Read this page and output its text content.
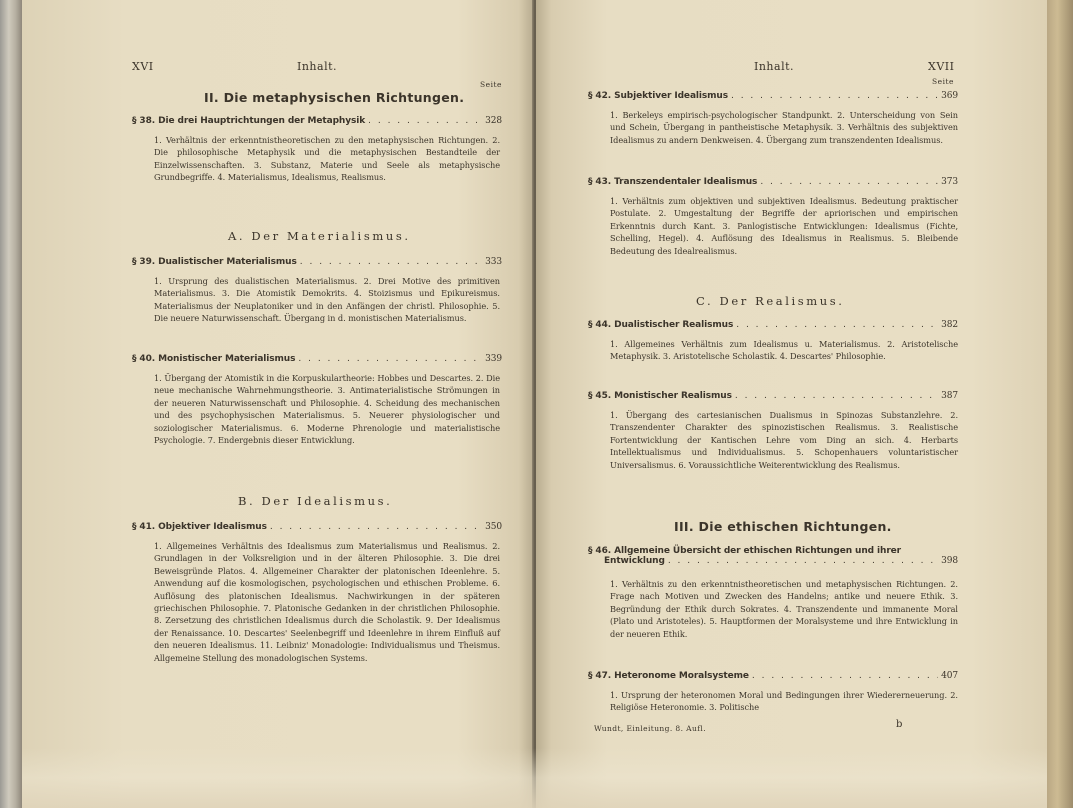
XVI	Inhalt.
Seite
II. Die metaphysischen Richtungen.
§ 38. Die drei Hauptrichtungen der Metaphysik . . .	328
1. Verhältnis der erkenntnistheoretischen zu den metaphysischen Richtungen. 2. Die philosophische Metaphysik und die metaphysischen Bestandteile der Einzelwissenschaften. 3. Substanz, Materie und Seele als metaphysische Grundbegriffe. 4. Materialismus, Idealismus, Realismus.
A. Der Materialismus.
§ 39. Dualistischer Materialismus . . .	333
1. Ursprung des dualistischen Materialismus. 2. Drei Motive des primitiven Materialismus. 3. Die Atomistik Demokrits. 4. Stoizismus und Epikureismus. Materialismus der Neuplatoniker und in den Anfängen der christl. Philosophie. 5. Die neuere Naturwissenschaft. Übergang in d. monistischen Materialismus.
§ 40. Monistischer Materialismus . . .	339
1. Übergang der Atomistik in die Korpuskulartheorie: Hobbes und Descartes. 2. Die neue mechanische Wahrnehmungstheorie. 3. Antimaterialistische Strömungen in der neueren Naturwissenschaft und Philosophie. 4. Scheidung des mechanischen und des psychophysischen Materialismus. 5. Neuerer physiologischer und soziologischer Materialismus. 6. Moderne Phrenologie und materialistische Psychologie. 7. Endergebnis dieser Entwicklung.
B. Der Idealismus.
§ 41. Objektiver Idealismus . . .	350
1. Allgemeines Verhältnis des Idealismus zum Materialismus und Realismus. 2. Grundlagen in der Volksreligion und in der älteren Philosophie. 3. Die drei Beweisgründe Platos. 4. Allgemeiner Charakter der platonischen Ideenlehre. 5. Anwendung auf die kosmologischen, psychologischen und ethischen Probleme. 6. Auflösung des platonischen Idealismus. Nachwirkungen in der späteren griechischen Philosophie. 7. Platonische Gedanken in der christlichen Philosophie. 8. Zersetzung des christlichen Idealismus durch die Scholastik. 9. Der Idealismus der Renaissance. 10. Descartes' Seelenbegriff und Ideenlehre in ihrem Einfluß auf den neueren Idealismus. 11. Leibniz' Monadologie: Individualismus und Theismus. Allgemeine Stellung des monadologischen Systems.
Inhalt.	XVII
Seite
§ 42. Subjektiver Idealismus . . .	369
1. Berkeleys empirisch-psychologischer Standpunkt. 2. Unterscheidung von Sein und Schein, Übergang in pantheistische Metaphysik. 3. Verhältnis des subjektiven Idealismus zu andern Denkweisen. 4. Übergang zum transzendenten Idealismus.
§ 43. Transzendentaler Idealismus . . .	373
1. Verhältnis zum objektiven und subjektiven Idealismus. Bedeutung praktischer Postulate. 2. Umgestaltung der Begriffe der apriorischen und empirischen Erkenntnis durch Kant. 3. Panlogistische Entwicklungen: Idealismus (Fichte, Schelling, Hegel). 4. Auflösung des Idealismus in Realismus. 5. Bleibende Bedeutung des Idealrealismus.
C. Der Realismus.
§ 44. Dualistischer Realismus . . .	382
1. Allgemeines Verhältnis zum Idealismus u. Materialismus. 2. Aristotelische Metaphysik. 3. Aristotelische Scholastik. 4. Descartes' Philosophie.
§ 45. Monistischer Realismus . . .	387
1. Übergang des cartesianischen Dualismus in Spinozas Substanzlehre. 2. Transzendenter Charakter des spinozistischen Realismus. 3. Realistische Fortentwicklung der Kantischen Lehre vom Ding an sich. 4. Herbarts Intellektualismus und Individualismus. 5. Schopenhauers voluntaristischer Universalismus. 6. Voraussichtliche Weiterentwicklung des Realismus.
III. Die ethischen Richtungen.
§ 46. Allgemeine Übersicht der ethischen Richtungen und ihrer
Entwicklung . . .	398
1. Verhältnis zu den erkenntnistheoretischen und metaphysischen Richtungen. 2. Frage nach Motiven und Zwecken des Handelns; antike und neuere Ethik. 3. Begründung der Ethik durch Sokrates. 4. Transzendente und immanente Moral (Plato und Aristoteles). 5. Hauptformen der Moralsysteme und ihre Entwicklung in der neueren Ethik.
§ 47. Heteronome Moralsysteme . . .	407
1. Ursprung der heteronomen Moral und Bedingungen ihrer Wiedererneuerung. 2. Religiöse Heteronomie. 3. Politische
Wundt, Einleitung. 8. Aufl.	b
